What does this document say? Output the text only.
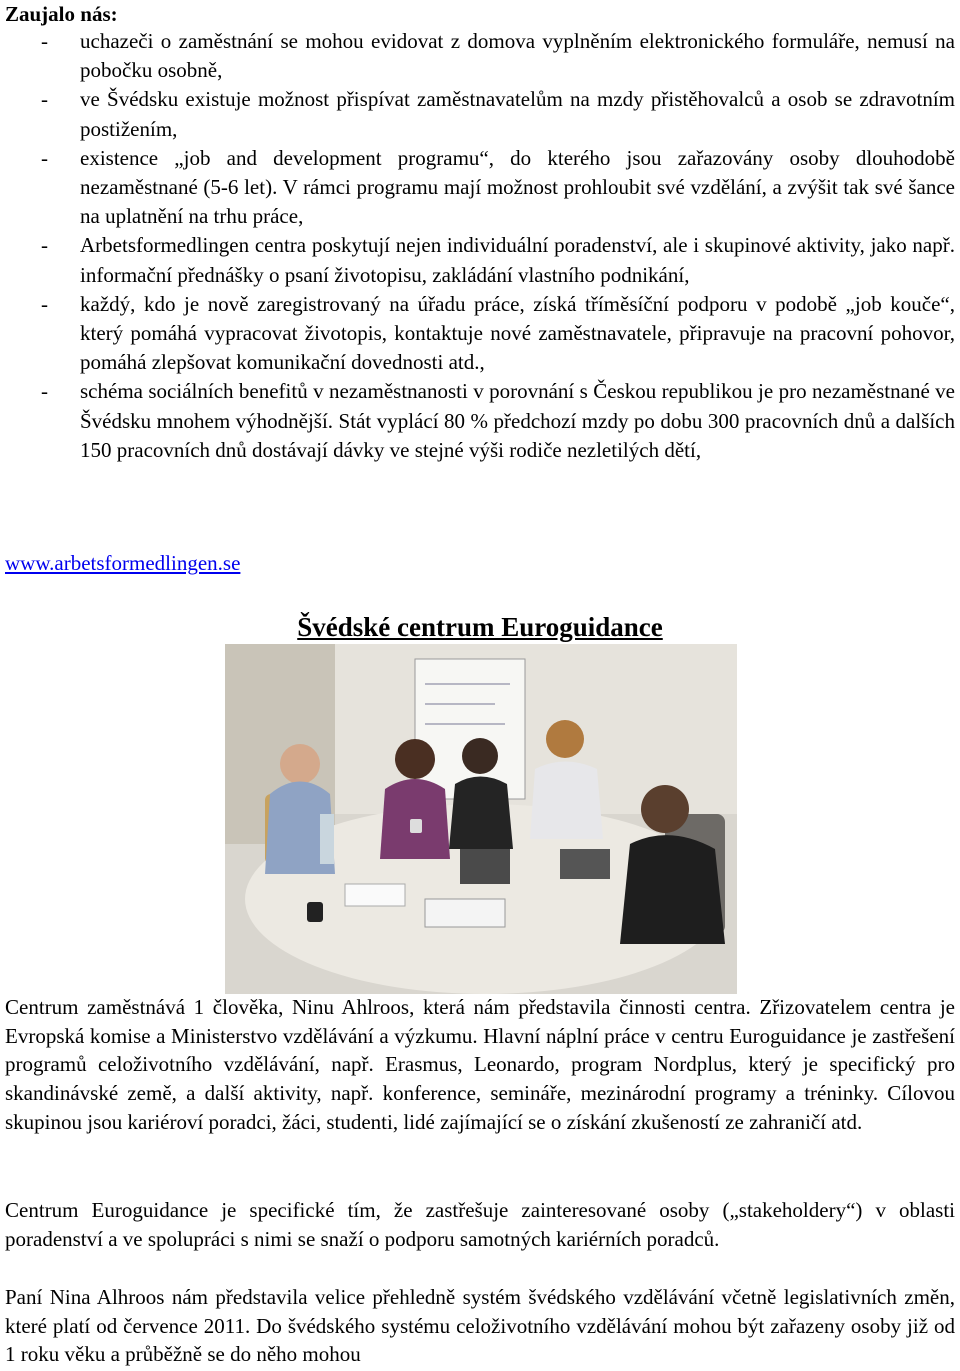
Zaujalo nás:
- uchazeči o zaměstnání se mohou evidovat z domova vyplněním elektronického formuláře, nemusí na pobočku osobně,
- ve Švédsku existuje možnost přispívat zaměstnavatelům na mzdy přistěhovalců a osob se zdravotním postižením,
- existence „job and development programu“, do kterého jsou zařazovány osoby dlouhodobě nezaměstnané (5-6 let). V rámci programu mají možnost prohloubit své vzdělání, a zvýšit tak své šance na uplatnění na trhu práce,
- Arbetsformedlingen centra poskytují nejen individuální poradenství, ale i skupinové aktivity, jako např. informační přednášky o psaní životopisu, zakládání vlastního podnikání,
- každý, kdo je nově zaregistrovaný na úřadu práce, získá tříměsíční podporu v podobě „job kouče“, který pomáhá vypracovat životopis, kontaktuje nové zaměstnavatele, připravuje na pracovní pohovor, pomáhá zlepšovat komunikační dovednosti atd.,
- schéma sociálních benefitů v nezaměstnanosti v porovnání s Českou republikou je pro nezaměstnané ve Švédsku mnohem výhodnější. Stát vyplácí 80 % předchozí mzdy po dobu 300 pracovních dnů a dalších 150 pracovních dnů dostávají dávky ve stejné výši rodiče nezletilých dětí,
www.arbetsformedlingen.se
Švédské centrum Euroguidance

Centrum zaměstnává 1 člověka, Ninu Ahlroos, která nám představila činnosti centra. Zřizovatelem centra je Evropská komise a Ministerstvo vzdělávání a výzkumu. Hlavní náplní práce v centru Euroguidance je zastřešení programů celoživotního vzdělávání, např. Erasmus, Leonardo, program Nordplus, který je specifický pro skandinávské země, a další aktivity, např. konference, semináře, mezinárodní programy a tréninky. Cílovou skupinou jsou kariéroví poradci, žáci, studenti, lidé zajímající se o získání zkušeností ze zahraničí atd.

Centrum Euroguidance je specifické tím, že zastřešuje zainteresované osoby („stakeholdery“) v oblasti poradenství a ve spolupráci s nimi se snaží o podporu samotných kariérních poradců.

Paní Nina Alhroos nám představila velice přehledně systém švédského vzdělávání včetně legislativních změn, které platí od července 2011. Do švédského systému celoživotního vzdělávání mohou být zařazeny osoby již od 1 roku věku a průběžně se do něho mohou
